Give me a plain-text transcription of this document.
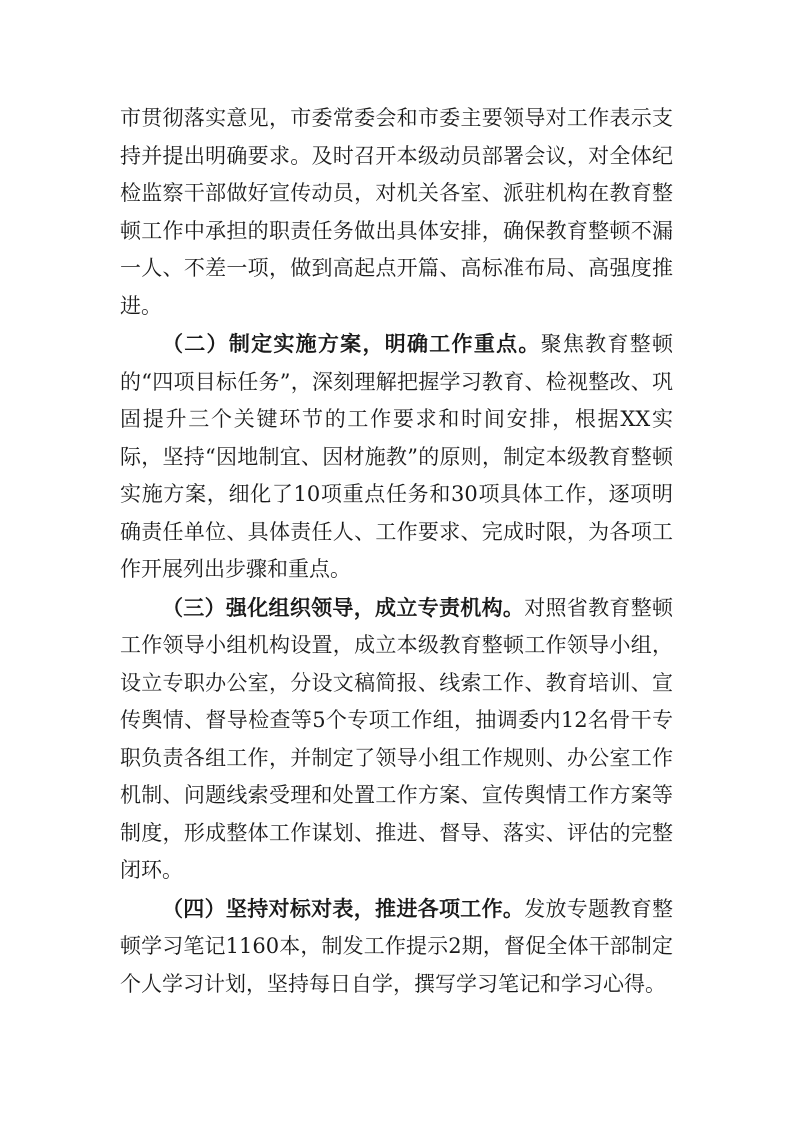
市贯彻落实意见，市委常委会和市委主要领导对工作表示支持并提出明确要求。及时召开本级动员部署会议，对全体纪检监察干部做好宣传动员，对机关各室、派驻机构在教育整顿工作中承担的职责任务做出具体安排，确保教育整顿不漏一人、不差一项，做到高起点开篇、高标准布局、高强度推进。

（二）制定实施方案，明确工作重点。聚焦教育整顿的“四项目标任务”，深刻理解把握学习教育、检视整改、巩固提升三个关键环节的工作要求和时间安排，根据XX实际，坚持“因地制宜、因材施教”的原则，制定本级教育整顿实施方案，细化了10项重点任务和30项具体工作，逐项明确责任单位、具体责任人、工作要求、完成时限，为各项工作开展列出步骤和重点。

（三）强化组织领导，成立专责机构。对照省教育整顿工作领导小组机构设置，成立本级教育整顿工作领导小组，设立专职办公室，分设文稿简报、线索工作、教育培训、宣传舆情、督导检查等5个专项工作组，抽调委内12名骨干专职负责各组工作，并制定了领导小组工作规则、办公室工作机制、问题线索受理和处置工作方案、宣传舆情工作方案等制度，形成整体工作谋划、推进、督导、落实、评估的完整闭环。

（四）坚持对标对表，推进各项工作。发放专题教育整顿学习笔记1160本，制发工作提示2期，督促全体干部制定个人学习计划，坚持每日自学，撰写学习笔记和学习心得。
